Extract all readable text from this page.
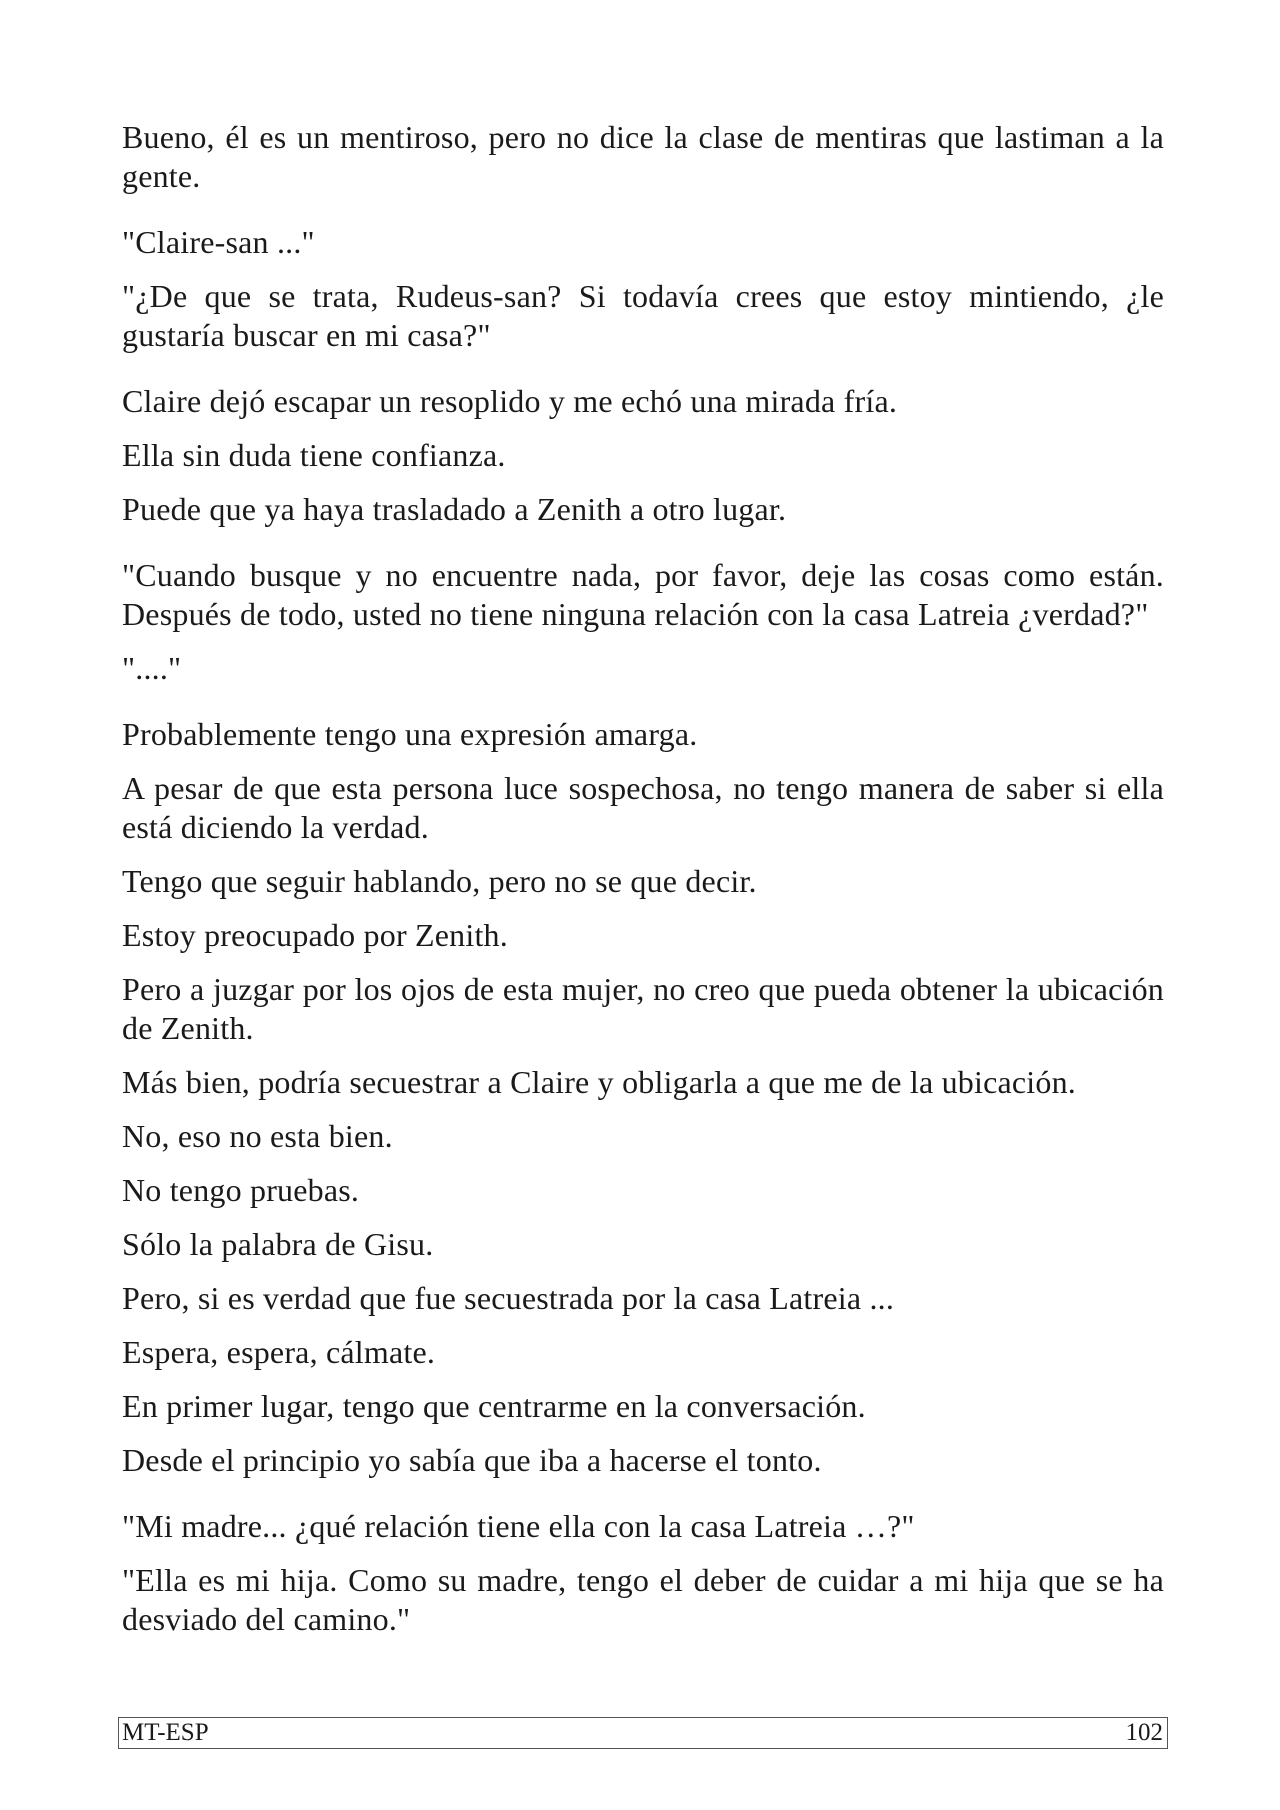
Bueno, él es un mentiroso, pero no dice la clase de mentiras que lastiman a la gente.

"Claire-san ..."

"¿De que se trata, Rudeus-san? Si todavía crees que estoy mintiendo, ¿le gustaría buscar en mi casa?"

Claire dejó escapar un resoplido y me echó una mirada fría.

Ella sin duda tiene confianza.

Puede que ya haya trasladado a Zenith a otro lugar.

"Cuando busque y no encuentre nada, por favor, deje las cosas como están. Después de todo, usted no tiene ninguna relación con la casa Latreia ¿verdad?"

"...."

Probablemente tengo una expresión amarga.

A pesar de que esta persona luce sospechosa, no tengo manera de saber si ella está diciendo la verdad.

Tengo que seguir hablando, pero no se que decir.

Estoy preocupado por Zenith.

Pero a juzgar por los ojos de esta mujer, no creo que pueda obtener la ubicación de Zenith.

Más bien, podría secuestrar a Claire y obligarla a que me de la ubicación.

No, eso no esta bien.

No tengo pruebas.

Sólo la palabra de Gisu.

Pero, si es verdad que fue secuestrada por la casa Latreia ...

Espera, espera, cálmate.

En primer lugar, tengo que centrarme en la conversación.

Desde el principio yo sabía que iba a hacerse el tonto.

"Mi madre... ¿qué relación tiene ella con la casa Latreia …?"

"Ella es mi hija. Como su madre, tengo el deber de cuidar a mi hija que se ha desviado del camino."

MT-ESP	102
